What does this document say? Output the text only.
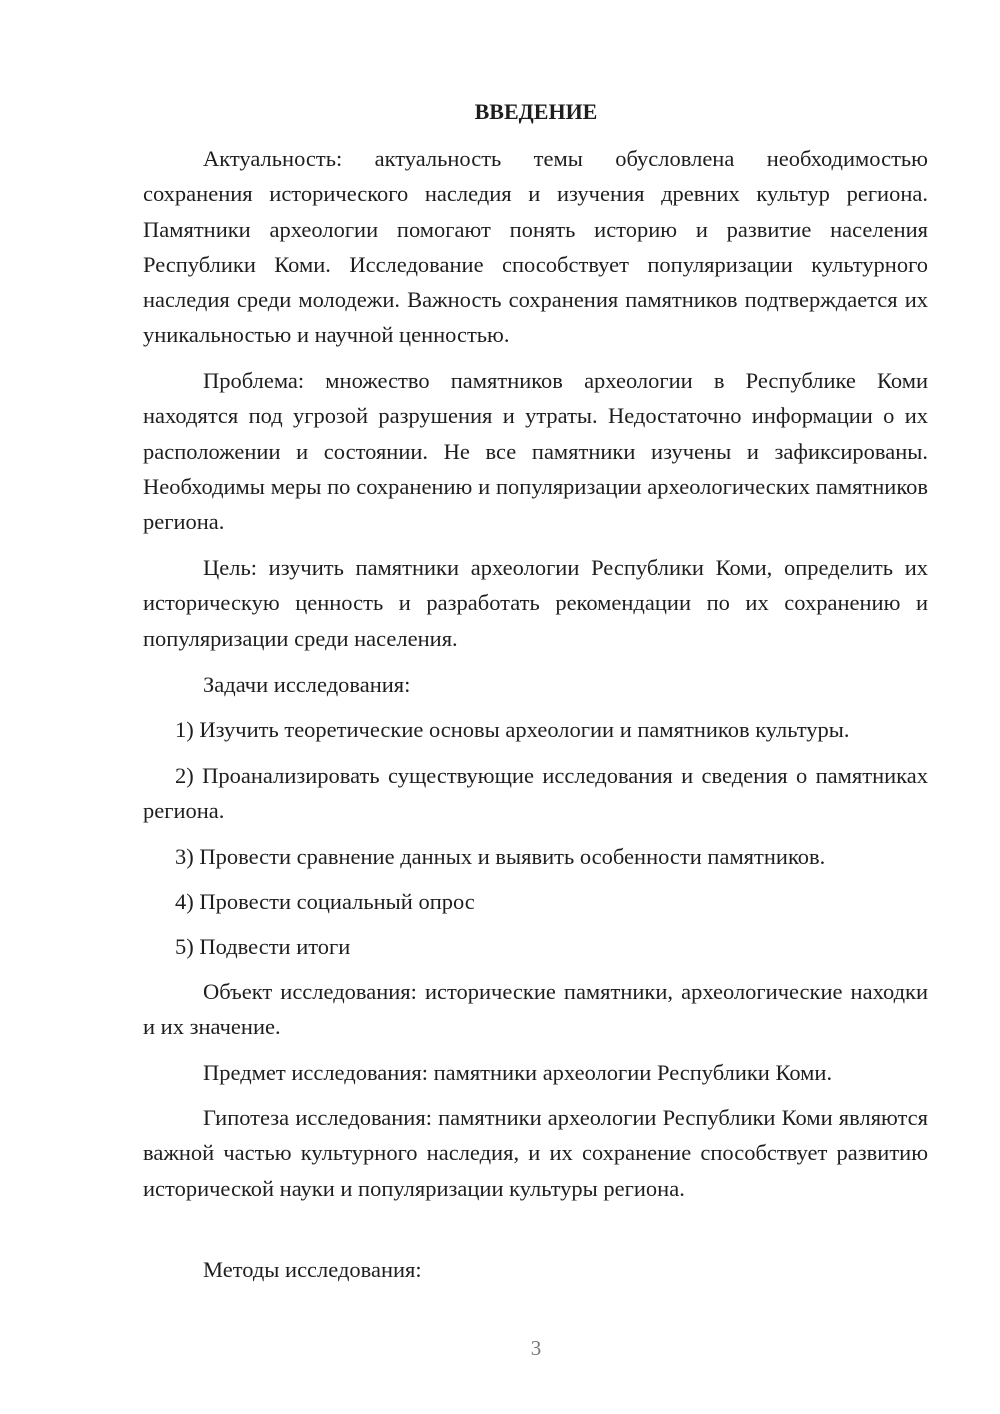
ВВЕДЕНИЕ

Актуальность: актуальность темы обусловлена необходимостью сохранения исторического наследия и изучения древних культур региона. Памятники археологии помогают понять историю и развитие населения Республики Коми. Исследование способствует популяризации культурного наследия среди молодежи. Важность сохранения памятников подтверждается их уникальностью и научной ценностью.

Проблема: множество памятников археологии в Республике Коми находятся под угрозой разрушения и утраты. Недостаточно информации о их расположении и состоянии. Не все памятники изучены и зафиксированы. Необходимы меры по сохранению и популяризации археологических памятников региона.

Цель: изучить памятники археологии Республики Коми, определить их историческую ценность и разработать рекомендации по их сохранению и популяризации среди населения.

Задачи исследования:

1) Изучить теоретические основы археологии и памятников культуры.

2) Проанализировать существующие исследования и сведения о памятниках региона.

3) Провести сравнение данных и выявить особенности памятников.

4) Провести социальный опрос

5) Подвести итоги

Объект исследования: исторические памятники, археологические находки и их значение.

Предмет исследования: памятники археологии Республики Коми.

Гипотеза исследования: памятники археологии Республики Коми являются важной частью культурного наследия, и их сохранение способствует развитию исторической науки и популяризации культуры региона.

Методы исследования:

3
